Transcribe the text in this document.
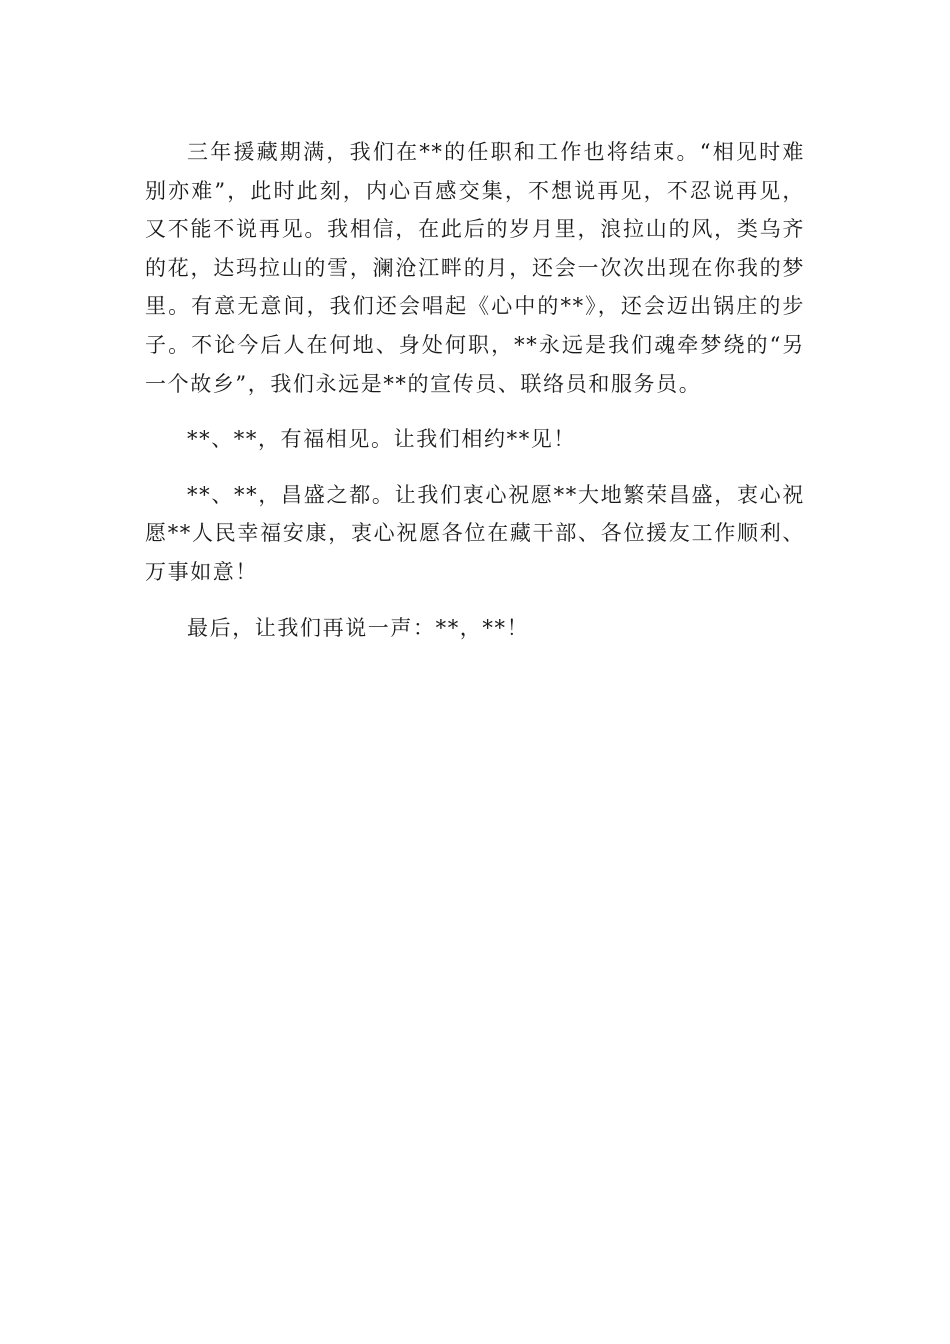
三年援藏期满，我们在**的任职和工作也将结束。“相见时难别亦难”，此时此刻，内心百感交集，不想说再见，不忍说再见，又不能不说再见。我相信，在此后的岁月里，浪拉山的风，类乌齐的花，达玛拉山的雪，澜沧江畔的月，还会一次次出现在你我的梦里。有意无意间，我们还会唱起《心中的**》，还会迈出锅庄的步子。不论今后人在何地、身处何职，**永远是我们魂牵梦绕的“另一个故乡”，我们永远是**的宣传员、联络员和服务员。

**、**，有福相见。让我们相约**见！

**、**，昌盛之都。让我们衷心祝愿**大地繁荣昌盛，衷心祝愿**人民幸福安康，衷心祝愿各位在藏干部、各位援友工作顺利、万事如意！

最后，让我们再说一声：**，**！
